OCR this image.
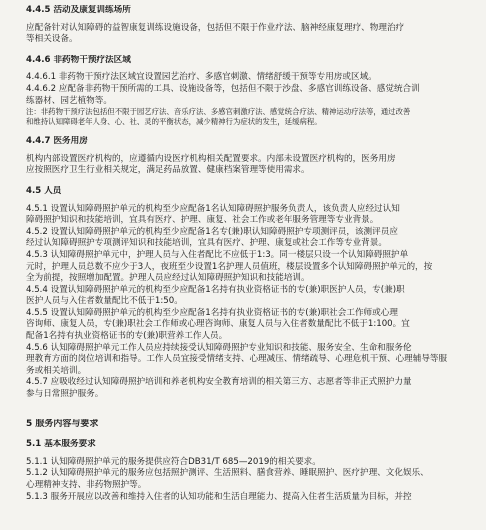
4.4.5 活动及康复训练场所
应配备针对认知障碍的益智康复训练设施设备，包括但不限于作业疗法、脑神经康复理疗、物理治疗
等相关设备。
4.4.6 非药物干预疗法区域
4.4.6.1 非药物干预疗法区域宜设置园艺治疗、多感官刺激、情绪舒缓干预等专用房或区域。
4.4.6.2 应配备非药物干预所需的工具、设施设备等，包括但不限于沙盘、多感官训练设备、感觉统合训
练器材、园艺植物等。
注：非药物干预疗法包括但不限于园艺疗法、音乐疗法、多感官刺激疗法、感觉统合疗法、精神运动疗法等，通过改善
和维持认知障碍老年人身、心、社、灵的平衡状态，减少精神行为症状的发生，延缓病程。
4.4.7 医务用房
机构内部设置医疗机构的，应遵循内设医疗机构相关配置要求。内部未设置医疗机构的，医务用房
应按照医疗卫生行业相关规定，满足药品放置、健康档案管理等使用需求。
4.5 人员
4.5.1 设置认知障碍照护单元的机构至少应配备1名认知障碍照护服务负责人，该负责人应经过认知
障碍照护知识和技能培训，宜具有医疗、护理、康复、社会工作或老年服务管理等专业背景。
4.5.2 设置认知障碍照护单元的机构至少应配备1名专(兼)职认知障碍照护专项测评员，该测评员应
经过认知障碍照护专项测评知识和技能培训，宜具有医疗、护理、康复或社会工作等专业背景。
4.5.3 认知障碍照护单元中，护理人员与入住者配比不应低于1:3。同一楼层只设一个认知障碍照护单
元时，护理人员总数不应少于3人，夜班至少设置1名护理人员值班，楼层设置多个认知障碍照护单元的，按
全为前提，按照增加配置。护理人员应经过认知障碍照护知识和技能培训。
4.5.4 设置认知障碍照护单元的机构至少应配备1名持有执业资格证书的专(兼)职医护人员，专(兼)职
医护人员与入住者数量配比不低于1:50。
4.5.5 设置认知障碍照护单元的机构至少应配备1名持有执业资格证书的专(兼)职社会工作师或心理
咨询师、康复人员，专(兼)职社会工作师或心理咨询师、康复人员与入住者数量配比不低于1:100。宜
配备1名持有执业资格证书的专(兼)职营养工作人员。
4.5.6 认知障碍照护单元工作人员应持续接受认知障碍照护专业知识和技能、服务安全、生命和服务伦
理教育方面的岗位培训和指导。工作人员宜接受情绪支持、心理减压、情绪疏导、心理危机干预、心理辅导等服
务或相关培训。
4.5.7 应吸收经过认知障碍照护培训和养老机构安全教育培训的相关第三方、志愿者等非正式照护力量
参与日常照护服务。
5 服务内容与要求
5.1 基本服务要求
5.1.1 认知障碍照护单元的服务提供应符合DB31/T 685—2019的相关要求。
5.1.2 认知障碍照护单元的服务应包括照护测评、生活照料、膳食营养、睡眠照护、医疗护理、文化娱乐、
心理精神支持、非药物照护等。
5.1.3 服务开展应以改善和维持入住者的认知功能和生活自理能力、提高入住者生活质量为目标，并控
